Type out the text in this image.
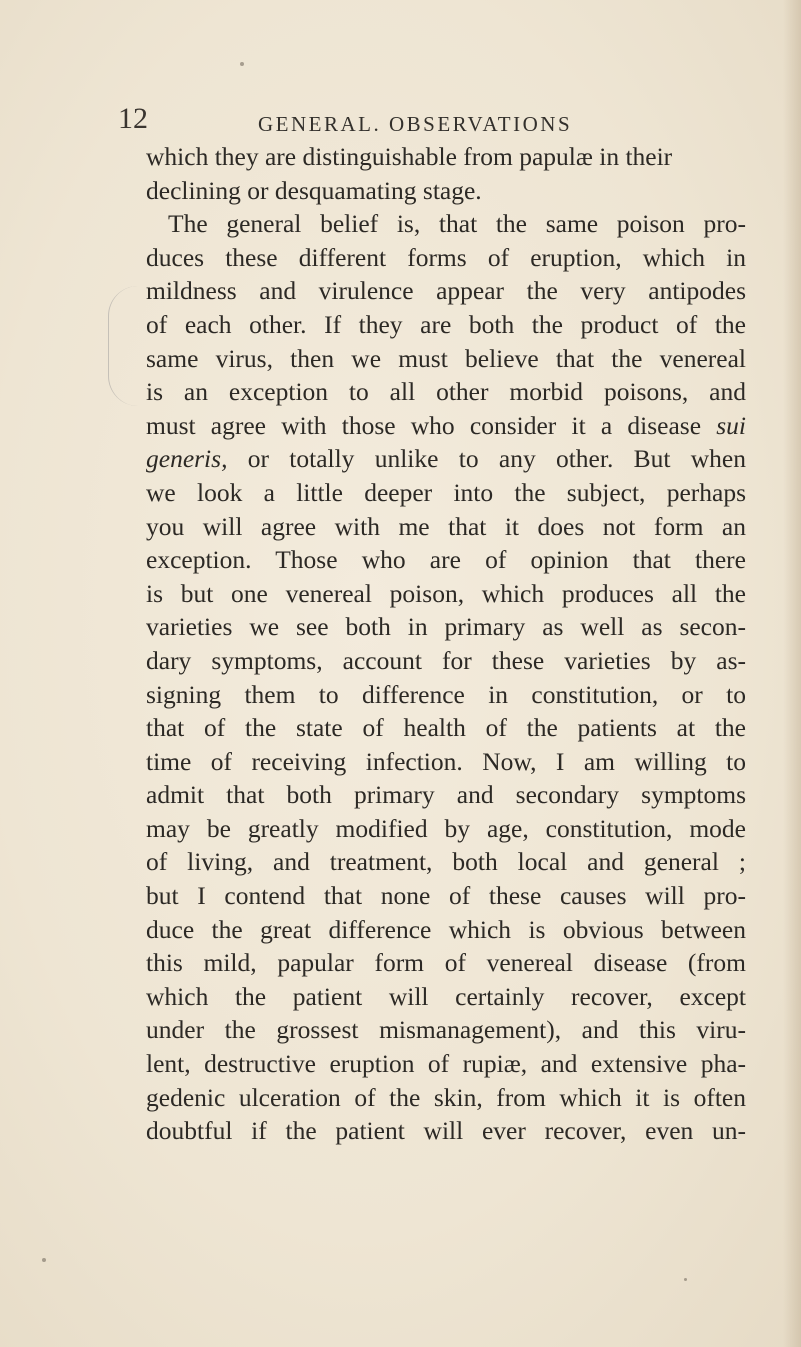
12	GENERAL. OBSERVATIONS
which they are distinguishable from papulæ in their
declining or desquamating stage.
The general belief is, that the same poison pro-
duces these different forms of eruption, which in
mildness and virulence appear the very antipodes
of each other. If they are both the product of the
same virus, then we must believe that the venereal
is an exception to all other morbid poisons, and
must agree with those who consider it a disease sui
generis, or totally unlike to any other. But when
we look a little deeper into the subject, perhaps
you will agree with me that it does not form an
exception. Those who are of opinion that there
is but one venereal poison, which produces all the
varieties we see both in primary as well as secon-
dary symptoms, account for these varieties by as-
signing them to difference in constitution, or to
that of the state of health of the patients at the
time of receiving infection. Now, I am willing to
admit that both primary and secondary symptoms
may be greatly modified by age, constitution, mode
of living, and treatment, both local and general ;
but I contend that none of these causes will pro-
duce the great difference which is obvious between
this mild, papular form of venereal disease (from
which the patient will certainly recover, except
under the grossest mismanagement), and this viru-
lent, destructive eruption of rupiæ, and extensive pha-
gedenic ulceration of the skin, from which it is often
doubtful if the patient will ever recover, even un-
